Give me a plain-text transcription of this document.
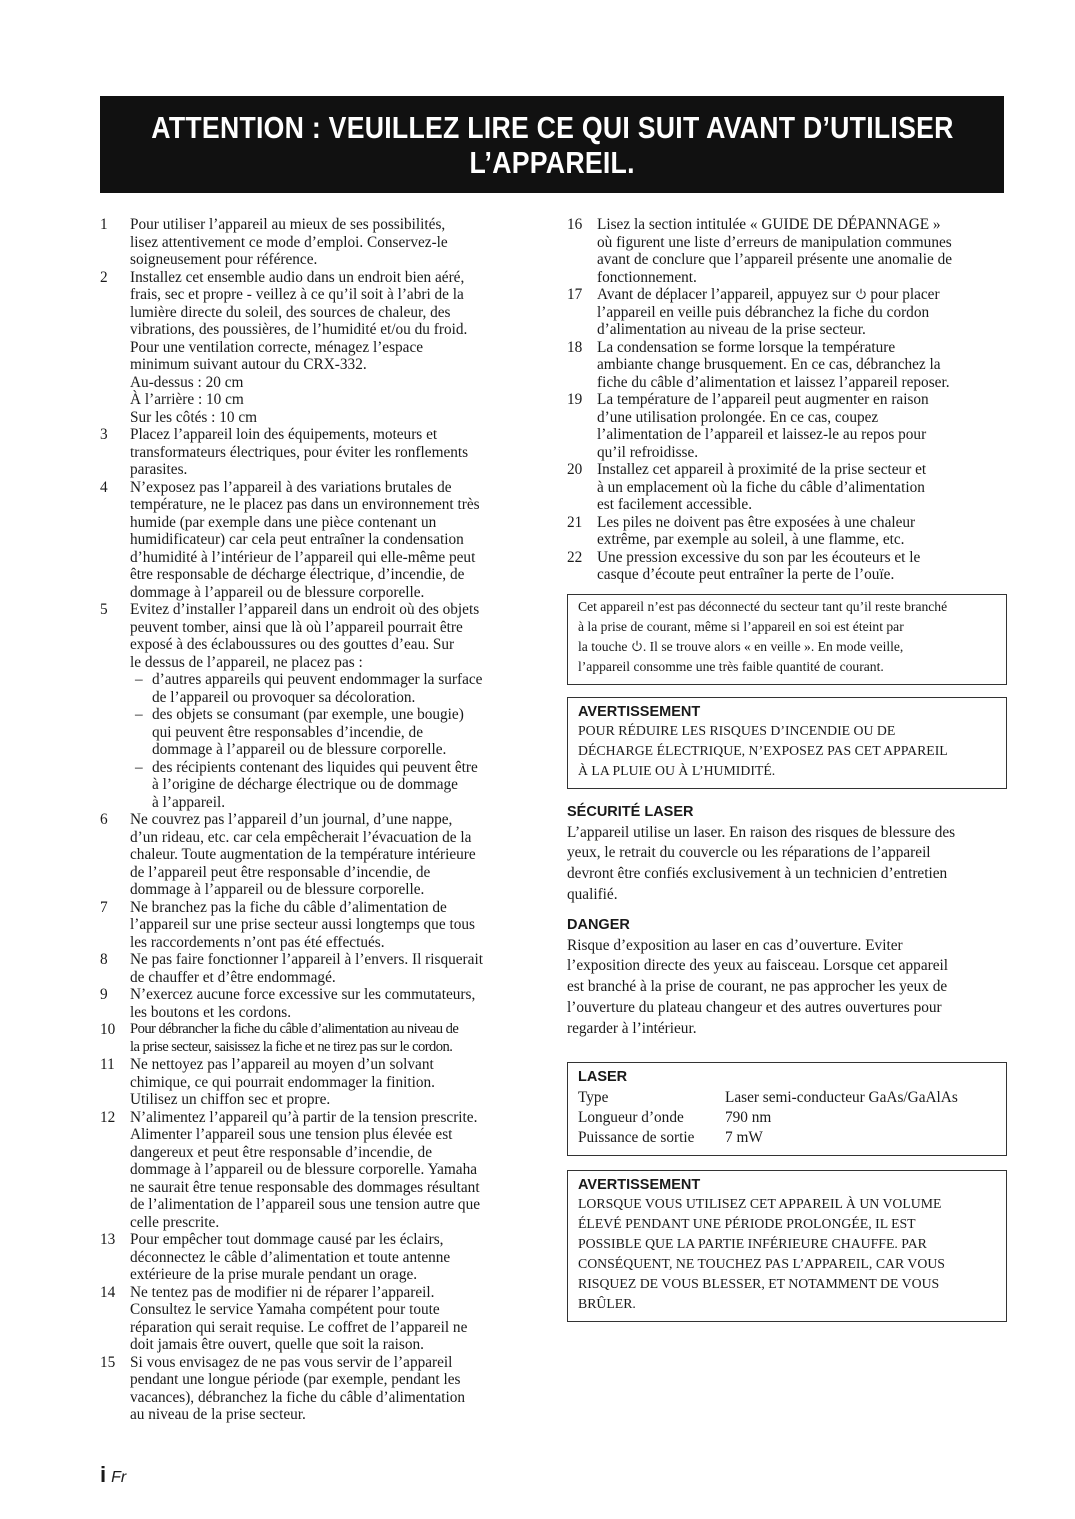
ATTENTION : VEUILLEZ LIRE CE QUI SUIT AVANT D’UTILISER
L’APPAREIL.
1 Pour utiliser l’appareil au mieux de ses possibilités,
lisez attentivement ce mode d’emploi. Conservez-le
soigneusement pour référence.
2 Installez cet ensemble audio dans un endroit bien aéré,
frais, sec et propre - veillez à ce qu’il soit à l’abri de la
lumière directe du soleil, des sources de chaleur, des
vibrations, des poussières, de l’humidité et/ou du froid.
Pour une ventilation correcte, ménagez l’espace
minimum suivant autour du CRX-332.
Au-dessus : 20 cm
À l’arrière : 10 cm
Sur les côtés : 10 cm
3 Placez l’appareil loin des équipements, moteurs et
transformateurs électriques, pour éviter les ronflements
parasites.
4 N’exposez pas l’appareil à des variations brutales de
température, ne le placez pas dans un environnement très
humide (par exemple dans une pièce contenant un
humidificateur) car cela peut entraîner la condensation
d’humidité à l’intérieur de l’appareil qui elle-même peut
être responsable de décharge électrique, d’incendie, de
dommage à l’appareil ou de blessure corporelle.
5 Evitez d’installer l’appareil dans un endroit où des objets
peuvent tomber, ainsi que là où l’appareil pourrait être
exposé à des éclaboussures ou des gouttes d’eau. Sur
le dessus de l’appareil, ne placez pas :
– d’autres appareils qui peuvent endommager la surface
de l’appareil ou provoquer sa décoloration.
– des objets se consumant (par exemple, une bougie)
qui peuvent être responsables d’incendie, de
dommage à l’appareil ou de blessure corporelle.
– des récipients contenant des liquides qui peuvent être
à l’origine de décharge électrique ou de dommage
à l’appareil.
6 Ne couvrez pas l’appareil d’un journal, d’une nappe,
d’un rideau, etc. car cela empêcherait l’évacuation de la
chaleur. Toute augmentation de la température intérieure
de l’appareil peut être responsable d’incendie, de
dommage à l’appareil ou de blessure corporelle.
7 Ne branchez pas la fiche du câble d’alimentation de
l’appareil sur une prise secteur aussi longtemps que tous
les raccordements n’ont pas été effectués.
8 Ne pas faire fonctionner l’appareil à l’envers. Il risquerait
de chauffer et d’être endommagé.
9 N’exercez aucune force excessive sur les commutateurs,
les boutons et les cordons.
10 Pour débrancher la fiche du câble d’alimentation au niveau de
la prise secteur, saisissez la fiche et ne tirez pas sur le cordon.
11 Ne nettoyez pas l’appareil au moyen d’un solvant
chimique, ce qui pourrait endommager la finition.
Utilisez un chiffon sec et propre.
12 N’alimentez l’appareil qu’à partir de la tension prescrite.
Alimenter l’appareil sous une tension plus élevée est
dangereux et peut être responsable d’incendie, de
dommage à l’appareil ou de blessure corporelle. Yamaha
ne saurait être tenue responsable des dommages résultant
de l’alimentation de l’appareil sous une tension autre que
celle prescrite.
13 Pour empêcher tout dommage causé par les éclairs,
déconnectez le câble d’alimentation et toute antenne
extérieure de la prise murale pendant un orage.
14 Ne tentez pas de modifier ni de réparer l’appareil.
Consultez le service Yamaha compétent pour toute
réparation qui serait requise. Le coffret de l’appareil ne
doit jamais être ouvert, quelle que soit la raison.
15 Si vous envisagez de ne pas vous servir de l’appareil
pendant une longue période (par exemple, pendant les
vacances), débranchez la fiche du câble d’alimentation
au niveau de la prise secteur.
16 Lisez la section intitulée « GUIDE DE DÉPANNAGE »
où figurent une liste d’erreurs de manipulation communes
avant de conclure que l’appareil présente une anomalie de
fonctionnement.
17 Avant de déplacer l’appareil, appuyez sur  pour placer
l’appareil en veille puis débranchez la fiche du cordon
d’alimentation au niveau de la prise secteur.
18 La condensation se forme lorsque la température
ambiante change brusquement. En ce cas, débranchez la
fiche du câble d’alimentation et laissez l’appareil reposer.
19 La température de l’appareil peut augmenter en raison
d’une utilisation prolongée. En ce cas, coupez
l’alimentation de l’appareil et laissez-le au repos pour
qu’il refroidisse.
20 Installez cet appareil à proximité de la prise secteur et
à un emplacement où la fiche du câble d’alimentation
est facilement accessible.
21 Les piles ne doivent pas être exposées à une chaleur
extrême, par exemple au soleil, à une flamme, etc.
22 Une pression excessive du son par les écouteurs et le
casque d’écoute peut entraîner la perte de l’ouïe.
Cet appareil n’est pas déconnecté du secteur tant qu’il reste branché
à la prise de courant, même si l’appareil en soi est éteint par
la touche . Il se trouve alors « en veille ». En mode veille,
l’appareil consomme une très faible quantité de courant.
AVERTISSEMENT
POUR RÉDUIRE LES RISQUES D’INCENDIE OU DE
DÉCHARGE ÉLECTRIQUE, N’EXPOSEZ PAS CET APPAREIL
À LA PLUIE OU À L’HUMIDITÉ.
SÉCURITÉ LASER

L’appareil utilise un laser. En raison des risques de blessure des
yeux, le retrait du couvercle ou les réparations de l’appareil
devront être confiés exclusivement à un technicien d’entretien
qualifié.

DANGER

Risque d’exposition au laser en cas d’ouverture. Eviter
l’exposition directe des yeux au faisceau. Lorsque cet appareil
est branché à la prise de courant, ne pas approcher les yeux de
l’ouverture du plateau changeur et des autres ouvertures pour
regarder à l’intérieur.

LASER
Type	Laser semi-conducteur GaAs/GaAlAs
Longueur d’onde	790 nm
Puissance de sortie	7 mW
AVERTISSEMENT
LORSQUE VOUS UTILISEZ CET APPAREIL À UN VOLUME
ÉLEVÉ PENDANT UNE PÉRIODE PROLONGÉE, IL EST
POSSIBLE QUE LA PARTIE INFÉRIEURE CHAUFFE. PAR
CONSÉQUENT, NE TOUCHEZ PAS L’APPAREIL, CAR VOUS
RISQUEZ DE VOUS BLESSER, ET NOTAMMENT DE VOUS
BRÛLER.
i Fr
